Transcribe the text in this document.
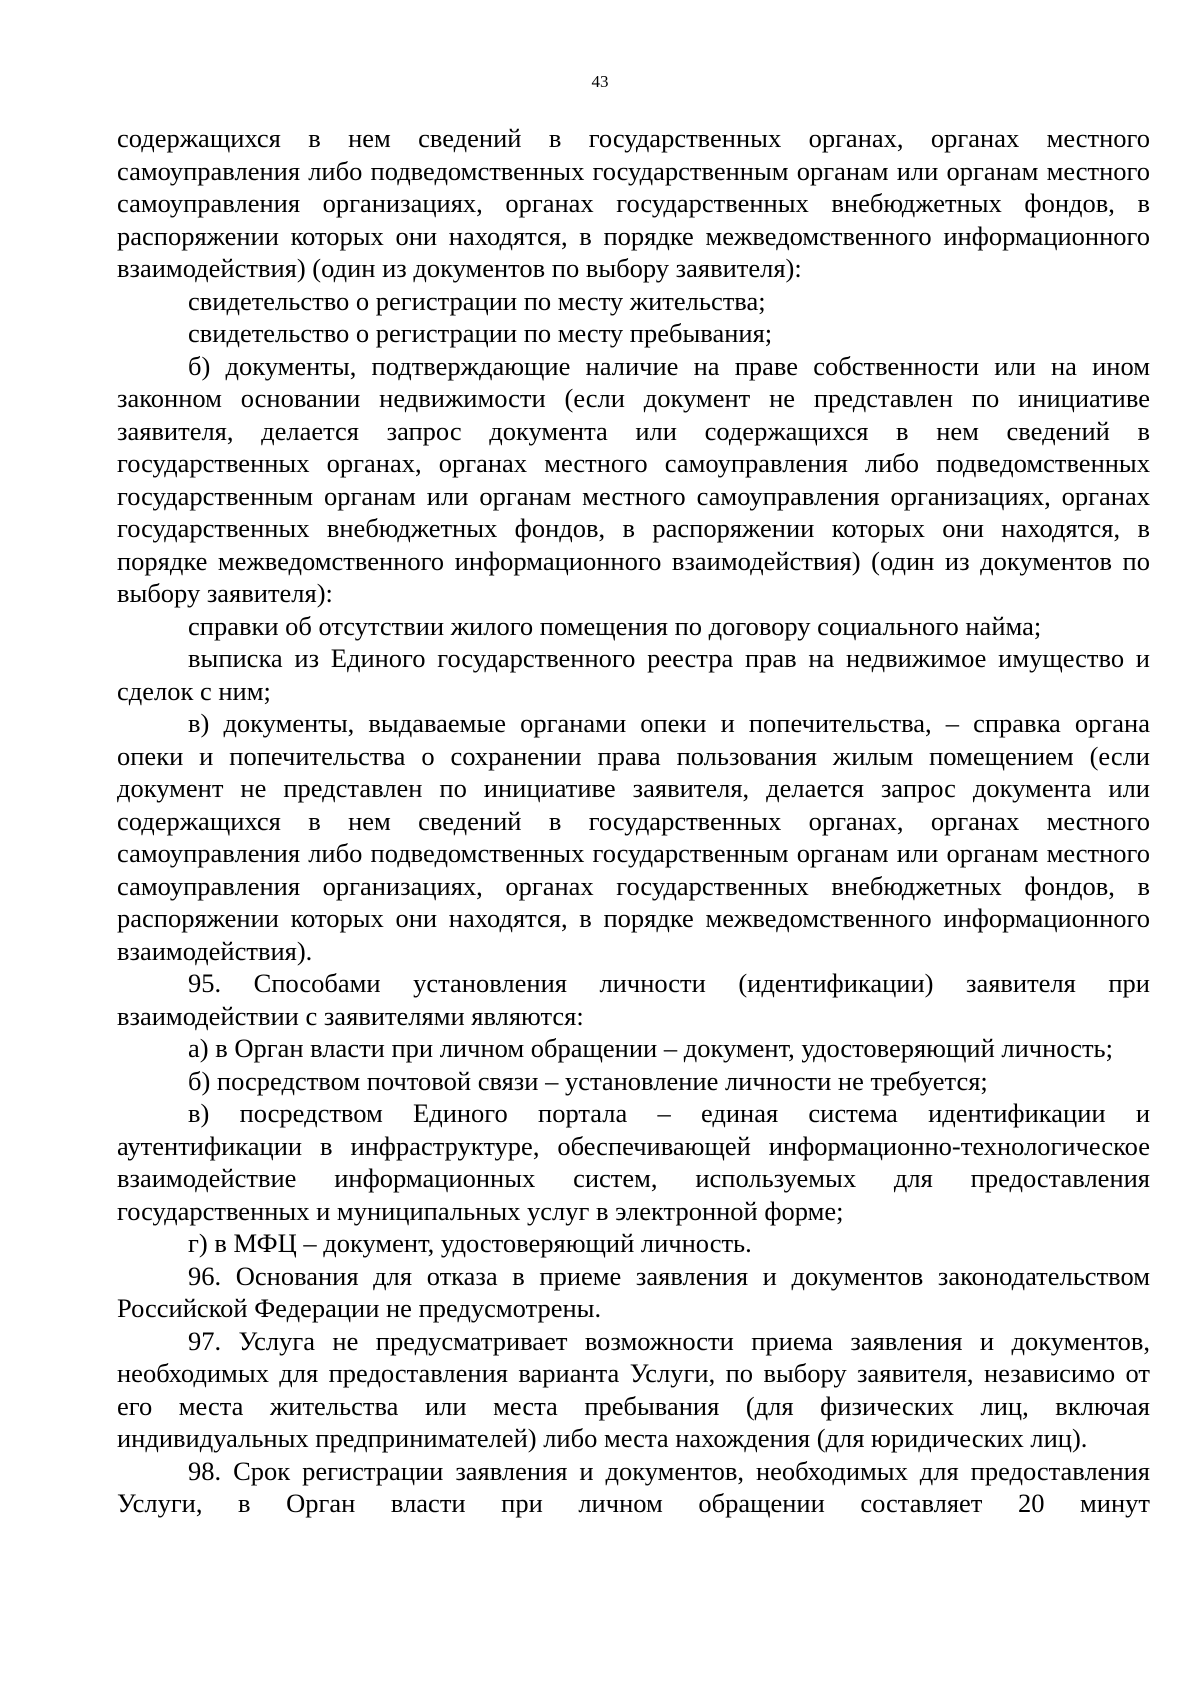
43

содержащихся в нем сведений в государственных органах, органах местного самоуправления либо подведомственных государственным органам или органам местного самоуправления организациях, органах государственных внебюджетных фондов, в распоряжении которых они находятся, в порядке межведомственного информационного взаимодействия) (один из документов по выбору заявителя):

свидетельство о регистрации по месту жительства;

свидетельство о регистрации по месту пребывания;

б) документы, подтверждающие наличие на праве собственности или на ином законном основании недвижимости (если документ не представлен по инициативе заявителя, делается запрос документа или содержащихся в нем сведений в государственных органах, органах местного самоуправления либо подведомственных государственным органам или органам местного самоуправления организациях, органах государственных внебюджетных фондов, в распоряжении которых они находятся, в порядке межведомственного информационного взаимодействия) (один из документов по выбору заявителя):

справки об отсутствии жилого помещения по договору социального найма;

выписка из Единого государственного реестра прав на недвижимое имущество и сделок с ним;

в) документы, выдаваемые органами опеки и попечительства, – справка органа опеки и попечительства о сохранении права пользования жилым помещением (если документ не представлен по инициативе заявителя, делается запрос документа или содержащихся в нем сведений в государственных органах, органах местного самоуправления либо подведомственных государственным органам или органам местного самоуправления организациях, органах государственных внебюджетных фондов, в распоряжении которых они находятся, в порядке межведомственного информационного взаимодействия).

95. Способами установления личности (идентификации) заявителя при взаимодействии с заявителями являются:

а) в Орган власти при личном обращении – документ, удостоверяющий личность;

б) посредством почтовой связи – установление личности не требуется;

в) посредством Единого портала – единая система идентификации и аутентификации в инфраструктуре, обеспечивающей информационно-технологическое взаимодействие информационных систем, используемых для предоставления государственных и муниципальных услуг в электронной форме;

г) в МФЦ – документ, удостоверяющий личность.

96. Основания для отказа в приеме заявления и документов законодательством Российской Федерации не предусмотрены.

97. Услуга не предусматривает возможности приема заявления и документов, необходимых для предоставления варианта Услуги, по выбору заявителя, независимо от его места жительства или места пребывания (для физических лиц, включая индивидуальных предпринимателей) либо места нахождения (для юридических лиц).

98. Срок регистрации заявления и документов, необходимых для предоставления Услуги, в Орган власти при личном обращении составляет 20 минут
